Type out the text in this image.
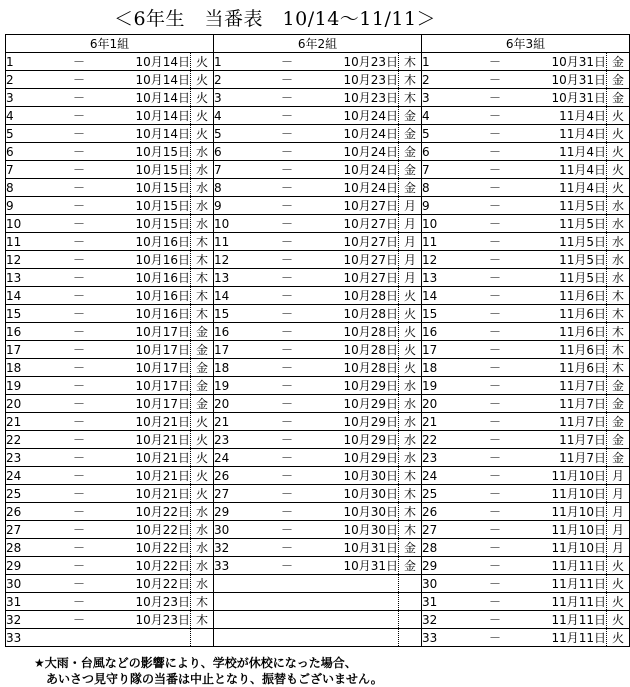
＜6年生　当番表　10/14～11/11＞
6年1組				6年2組				6年3組			
1	－	10月14日	火	1	－	10月23日	木	1	－	10月31日	金
2	－	10月14日	火	2	－	10月23日	木	2	－	10月31日	金
3	－	10月14日	火	3	－	10月23日	木	3	－	10月31日	金
4	－	10月14日	火	4	－	10月24日	金	4	－	11月4日	火
5	－	10月14日	火	5	－	10月24日	金	5	－	11月4日	火
6	－	10月15日	水	6	－	10月24日	金	6	－	11月4日	火
7	－	10月15日	水	7	－	10月24日	金	7	－	11月4日	火
8	－	10月15日	水	8	－	10月24日	金	8	－	11月4日	火
9	－	10月15日	水	9	－	10月27日	月	9	－	11月5日	水
10	－	10月15日	水	10	－	10月27日	月	10	－	11月5日	水
11	－	10月16日	木	11	－	10月27日	月	11	－	11月5日	水
12	－	10月16日	木	12	－	10月27日	月	12	－	11月5日	水
13	－	10月16日	木	13	－	10月27日	月	13	－	11月5日	水
14	－	10月16日	木	14	－	10月28日	火	14	－	11月6日	木
15	－	10月16日	木	15	－	10月28日	火	15	－	11月6日	木
16	－	10月17日	金	16	－	10月28日	火	16	－	11月6日	木
17	－	10月17日	金	17	－	10月28日	火	17	－	11月6日	木
18	－	10月17日	金	18	－	10月28日	火	18	－	11月6日	木
19	－	10月17日	金	19	－	10月29日	水	19	－	11月7日	金
20	－	10月17日	金	20	－	10月29日	水	20	－	11月7日	金
21	－	10月21日	火	21	－	10月29日	水	21	－	11月7日	金
22	－	10月21日	火	23	－	10月29日	水	22	－	11月7日	金
23	－	10月21日	火	24	－	10月29日	水	23	－	11月7日	金
24	－	10月21日	火	26	－	10月30日	木	24	－	11月10日	月
25	－	10月21日	火	27	－	10月30日	木	25	－	11月10日	月
26	－	10月22日	水	29	－	10月30日	木	26	－	11月10日	月
27	－	10月22日	水	30	－	10月30日	木	27	－	11月10日	月
28	－	10月22日	水	32	－	10月31日	金	28	－	11月10日	月
29	－	10月22日	水	33	－	10月31日	金	29	－	11月11日	火
30	－	10月22日	水					30	－	11月11日	火
31	－	10月23日	木					31	－	11月11日	火
32	－	10月23日	木					32	－	11月11日	火
33								33	－	11月11日	火
★大雨・台風などの影響により、学校が休校になった場合、
あいさつ見守り隊の当番は中止となり、振替もございません。
